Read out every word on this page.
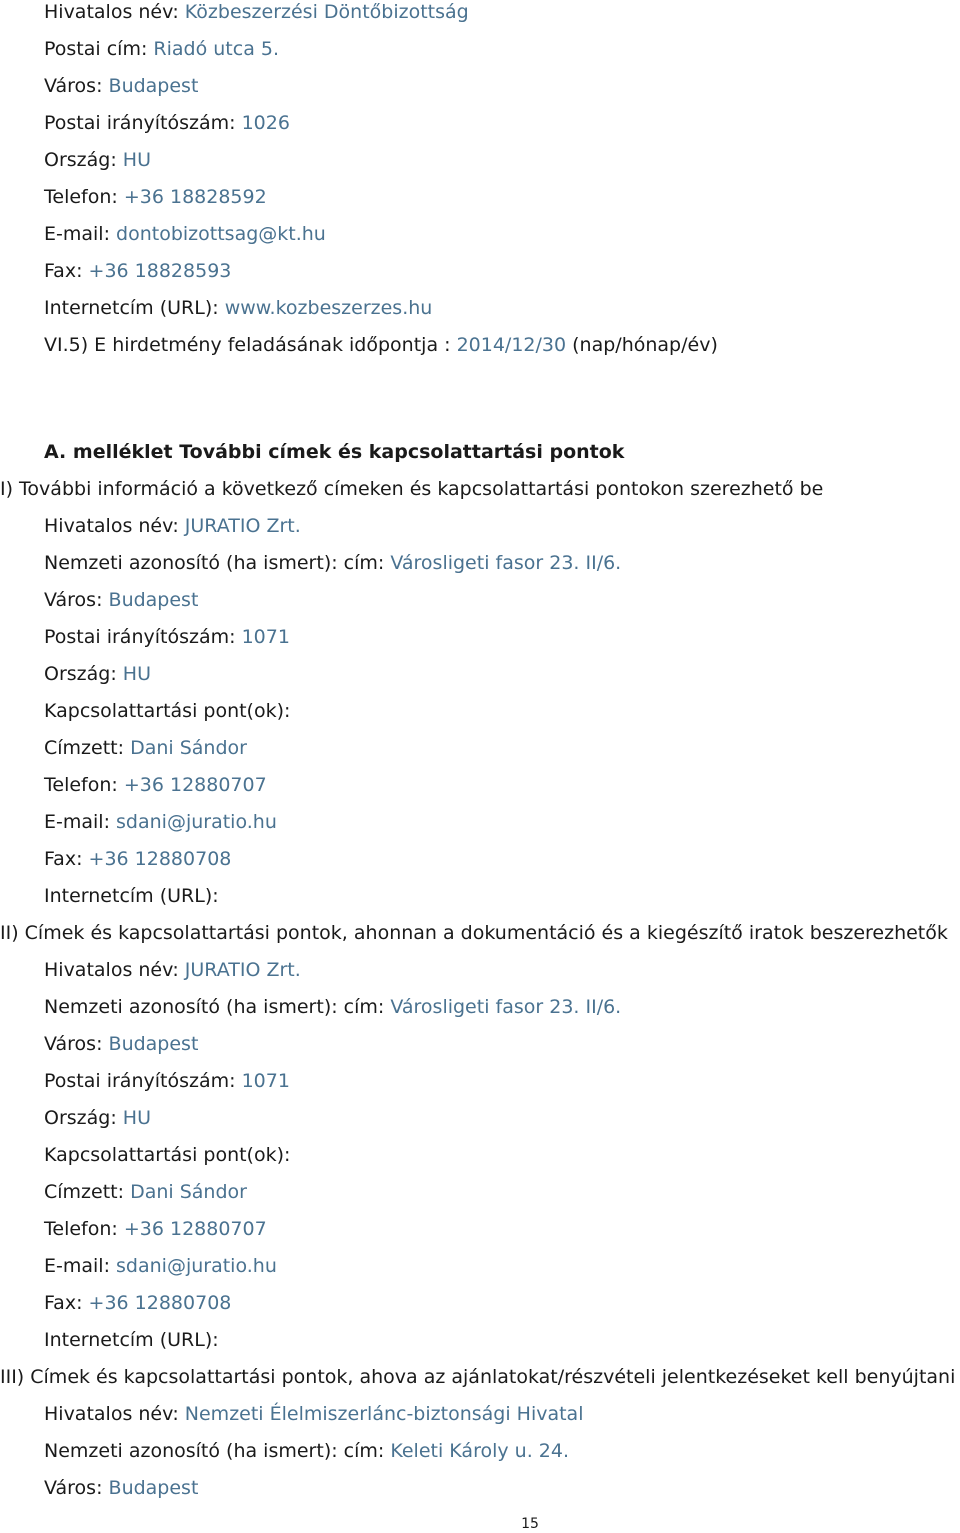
Hivatalos név: Közbeszerzési Döntőbizottság
Postai cím: Riadó utca 5.
Város: Budapest
Postai irányítószám: 1026
Ország: HU
Telefon: +36 18828592
E-mail: dontobizottsag@kt.hu
Fax: +36 18828593
Internetcím (URL): www.kozbeszerzes.hu
VI.5) E hirdetmény feladásának időpontja : 2014/12/30 (nap/hónap/év)
A. melléklet További címek és kapcsolattartási pontok
I) További információ a következő címeken és kapcsolattartási pontokon szerezhető be
Hivatalos név: JURATIO Zrt.
Nemzeti azonosító (ha ismert): cím: Városligeti fasor 23. II/6.
Város: Budapest
Postai irányítószám: 1071
Ország: HU
Kapcsolattartási pont(ok):
Címzett: Dani Sándor
Telefon: +36 12880707
E-mail: sdani@juratio.hu
Fax: +36 12880708
Internetcím (URL):
II) Címek és kapcsolattartási pontok, ahonnan a dokumentáció és a kiegészítő iratok beszerezhetők
Hivatalos név: JURATIO Zrt.
Nemzeti azonosító (ha ismert): cím: Városligeti fasor 23. II/6.
Város: Budapest
Postai irányítószám: 1071
Ország: HU
Kapcsolattartási pont(ok):
Címzett: Dani Sándor
Telefon: +36 12880707
E-mail: sdani@juratio.hu
Fax: +36 12880708
Internetcím (URL):
III) Címek és kapcsolattartási pontok, ahova az ajánlatokat/részvételi jelentkezéseket kell benyújtani
Hivatalos név: Nemzeti Élelmiszerlánc-biztonsági Hivatal
Nemzeti azonosító (ha ismert): cím: Keleti Károly u. 24.
Város: Budapest
15
